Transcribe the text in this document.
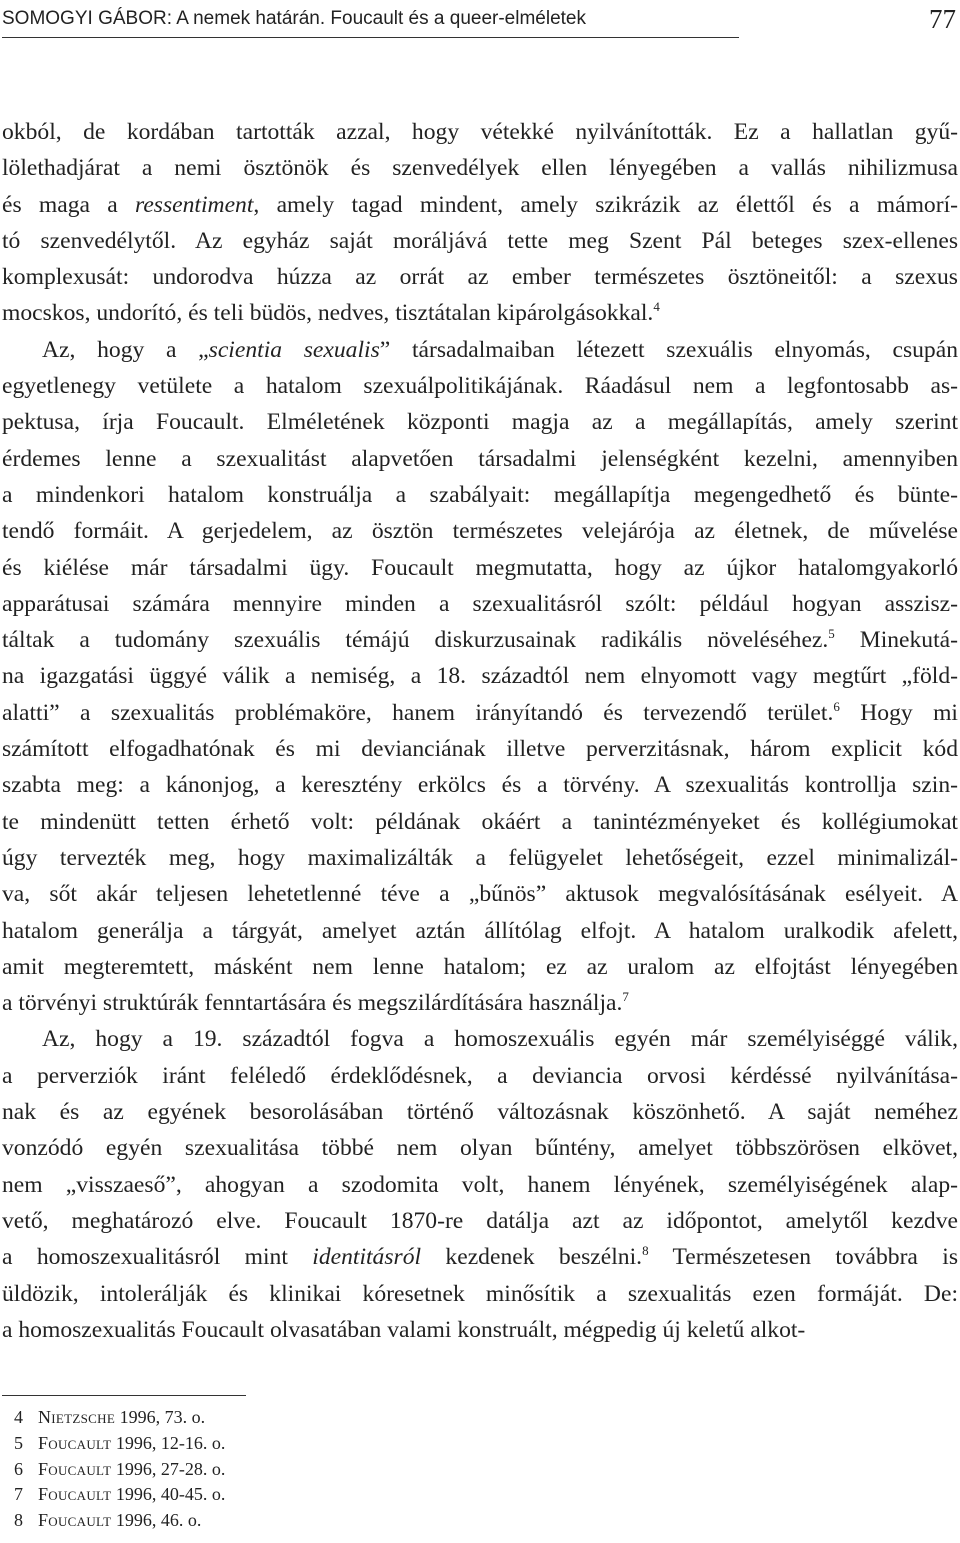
SOMOGYI GÁBOR: A nemek határán. Foucault és a queer-elméletek	77

okból, de kordában tartották azzal, hogy vétekké nyilvánították. Ez a hallatlan gyű-
lölethadjárat a nemi ösztönök és szenvedélyek ellen lényegében a vallás nihilizmusa
és maga a ressentiment, amely tagad mindent, amely szikrázik az élettől és a mámorí-
tó szenvedélytől. Az egyház saját moráljává tette meg Szent Pál beteges szex-ellenes
komplexusát: undorodva húzza az orrát az ember természetes ösztöneitől: a szexus
mocskos, undorító, és teli büdös, nedves, tisztátalan kipárolgásokkal.$^4$

Az, hogy a „scientia sexualis” társadalmaiban létezett szexuális elnyomás, csupán
egyetlenegy vetülete a hatalom szexuálpolitikájának. Ráadásul nem a legfontosabb as-
pektusa, írja Foucault. Elméletének központi magja az a megállapítás, amely szerint
érdemes lenne a szexualitást alapvetően társadalmi jelenségként kezelni, amennyiben
a mindenkori hatalom konstruálja a szabályait: megállapítja megengedhető és bünte-
tendő formáit. A gerjedelem, az ösztön természetes velejárója az életnek, de művelése
és kiélése már társadalmi ügy. Foucault megmutatta, hogy az újkor hatalomgyakorló
apparátusai számára mennyire minden a szexualitásról szólt: például hogyan asszisz-
táltak a tudomány szexuális témájú diskurzusainak radikális növeléséhez.$^5$ Minekutá-
na igazgatási üggyé válik a nemiség, a 18. századtól nem elnyomott vagy megtűrt „föld-
alatti” a szexualitás problémaköre, hanem irányítandó és tervezendő terület.$^6$ Hogy mi
számított elfogadhatónak és mi devianciának illetve perverzitásnak, három explicit kód
szabta meg: a kánonjog, a keresztény erkölcs és a törvény. A szexualitás kontrollja szin-
te mindenütt tetten érhető volt: példának okáért a tanintézményeket és kollégiumokat
úgy tervezték meg, hogy maximalizálták a felügyelet lehetőségeit, ezzel minimalizál-
va, sőt akár teljesen lehetetlenné téve a „bűnös” aktusok megvalósításának esélyeit. A
hatalom generálja a tárgyát, amelyet aztán állítólag elfojt. A hatalom uralkodik afelett,
amit megteremtett, másként nem lenne hatalom; ez az uralom az elfojtást lényegében
a törvényi struktúrák fenntartására és megszilárdítására használja.$^7$

Az, hogy a 19. századtól fogva a homoszexuális egyén már személyiséggé válik,
a perverziók iránt feléledő érdeklődésnek, a deviancia orvosi kérdéssé nyilvánítása-
nak és az egyének besorolásában történő változásnak köszönhető. A saját neméhez
vonzódó egyén szexualitása többé nem olyan bűntény, amelyet többszörösen elkövet,
nem „visszaeső”, ahogyan a szodomita volt, hanem lényének, személyiségének alap-
vető, meghatározó elve. Foucault 1870-re datálja azt az időpontot, amelytől kezdve
a homoszexualitásról mint identitásról kezdenek beszélni.$^8$ Természetesen továbbra is
üldözik, intolerálják és klinikai kóresetnek minősítik a szexualitás ezen formáját. De:
a homoszexualitás Foucault olvasatában valami konstruált, mégpedig új keletű alkot-

4 Nietzsche 1996, 73. o.
5 Foucault 1996, 12-16. o.
6 Foucault 1996, 27-28. o.
7 Foucault 1996, 40-45. o.
8 Foucault 1996, 46. o.
